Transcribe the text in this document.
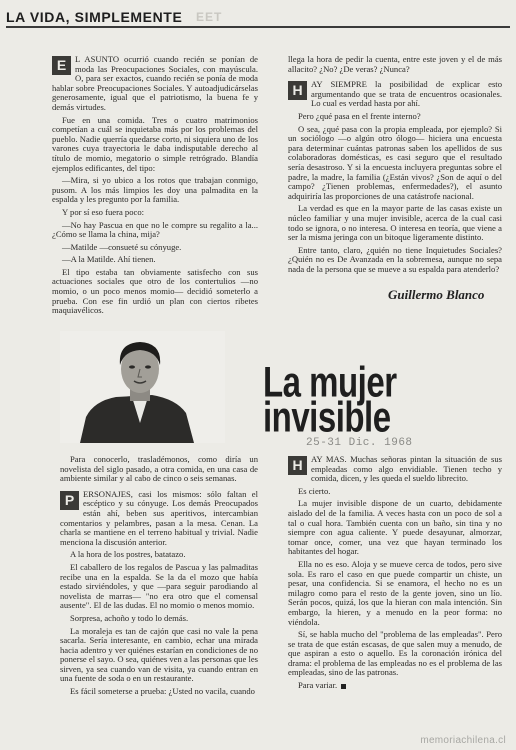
LA VIDA, SIMPLEMENTE EET

E	L ASUNTO ocurrió cuando recién se ponían de moda las Preocupaciones Sociales, con mayúscula. O, para ser exactos, cuando recién se ponía de moda hablar sobre Preocupaciones Sociales. Y autoadjudicárselas generosamente, igual que el patriotismo, la buena fe y demás virtudes.

Fue en una comida. Tres o cuatro matrimonios competían a cuál se inquietaba más por los problemas del pueblo. Nadie querría quedarse corto, ni siquiera uno de los varones cuya trayectoria le daba indisputable derecho al título de momio, megatorio o simple retrógrado. Blandía ejemplos edificantes, del tipo:

—Mira, si yo ubico a los rotos que trabajan conmigo, pusom. A los más limpios les doy una palmadita en la espalda y les pregunto por la familia.

Y por sí eso fuera poco:

—No hay Pascua en que no le compre su regalito a la... ¿Cómo se llama la china, mija?

—Matilde —consueté su cónyuge.

—A la Matilde. Ahí tienen.

El tipo estaba tan obviamente satisfecho con sus actuaciones sociales que otro de los contertulios —no momio, o un poco menos momio— decidió someterlo a prueba. Con ese fin urdió un plan con ciertos ribetes maquiavélicos.

llega la hora de pedir la cuenta, entre este joven y el de más allacito? ¿No? ¿De veras? ¿Nunca?

H AY SIEMPRE la posibilidad de explicar esto argumentando que se trata de encuentros ocasionales. Lo cual es verdad hasta por ahí.

Pero ¿qué pasa en el frente interno?

O sea, ¿qué pasa con la propia empleada, por ejemplo? Si un sociólogo —o algún otro ólogo— hiciera una encuesta para determinar cuántas patronas saben los apellidos de sus colaboradoras domésticas, es casi seguro que el resultado sería desastroso. Y si la encuesta incluyera preguntas sobre el padre, la madre, la familia (¿Están vivos? ¿Son de aquí o del campo? ¿Tienen problemas, enfermedades?), el asunto adquiriría las proporciones de una catástrofe nacional.

La verdad es que en la mayor parte de las casas existe un núcleo familiar y una mujer invisible, acerca de la cual casi todo se ignora, o no interesa. O interesa en teoría, que viene a ser la misma jeringa con un bitoque ligeramente distinto.

Entre tanto, claro, ¿quién no tiene Inquietudes Sociales? ¿Quién no es De Avanzada en la sobremesa, aunque no sepa nada de la persona que se mueve a su espalda para atenderlo?

Guillermo Blanco
La mujer
invisible
25-31 Dic. 1968

Para conocerlo, trasladémonos, como diría un novelista del siglo pasado, a otra comida, en una casa de ambiente similar y al cabo de cinco o seis semanas.

P	ERSONAJES, casi los mismos: sólo faltan el escéptico y su cónyuge. Los demás Preocupados están ahí, beben sus aperitivos, intercambian comentarios y pelambres, pasan a la mesa. Cenan. La charla se mantiene en el terreno habitual y trivial. Nadie menciona la discusión anterior.

A la hora de los postres, batatazo.

El caballero de los regalos de Pascua y las palmaditas recibe una en la espalda. Se la da el mozo que había estado sirviéndoles, y que —para seguir parodiando al novelista de marras— "no era otro que el comensal ausente". El de las dudas. El no momio o menos momio.

Sorpresa, achoño y todo lo demás.

La moraleja es tan de cajón que casi no vale la pena sacarla. Sería interesante, en cambio, echar una mirada hacia adentro y ver quiénes estarían en condiciones de no ponerse el sayo. O sea, quiénes ven a las personas que les sirven, ya sea cuando van de visita, ya cuando entran en una fuente de soda o en un restaurante.

Es fácil someterse a prueba: ¿Usted no vacila, cuando

H AY MAS. Muchas señoras pintan la situación de sus empleadas como algo envidiable. Tienen techo y comida, dicen, y les queda el sueldo librecito.

Es cierto.

La mujer invisible dispone de un cuarto, debidamente aislado del de la familia. A veces hasta con un poco de sol a tal o cual hora. También cuenta con un baño, sin tina y no siempre con agua caliente. Y puede desayunar, almorzar, tomar once, comer, una vez que hayan terminado los habitantes del hogar.

Ella no es eso. Aloja y se mueve cerca de todos, pero sive sola. Es raro el caso en que puede compartir un chiste, un pesar, una confidencia. Si se enamora, el hecho no es un milagro como para el resto de la gente joven, sino un lío. Serán pocos, quizá, los que la hieran con mala intención. Sin embargo, la hieren, y a menudo en la peor forma: no viéndola.

Sí, se habla mucho del "problema de las empleadas". Pero se trata de que están escasas, de que salen muy a menudo, de que aspiran a esto o aquello. Es la coronación irónica del drama: el problema de las empleadas no es el problema de las empleadas, sino de las patronas.

Para variar.

memoriachilena.cl
